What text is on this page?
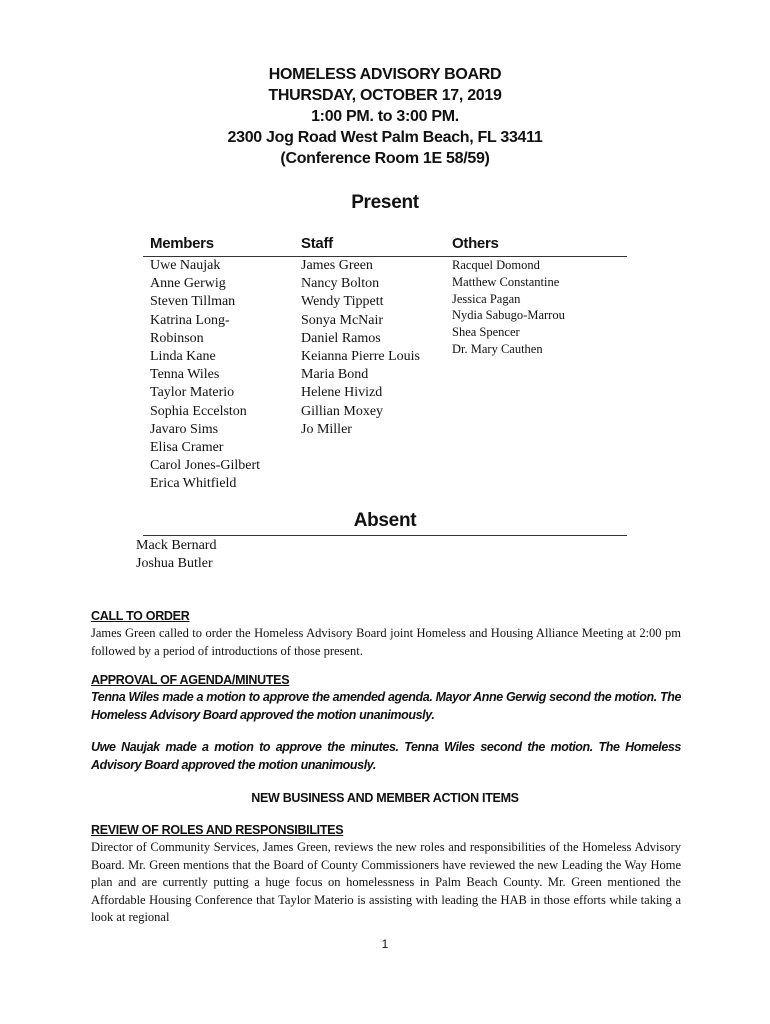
HOMELESS ADVISORY BOARD
THURSDAY, OCTOBER 17, 2019
1:00 PM. to 3:00 PM.
2300 Jog Road West Palm Beach, FL 33411
(Conference Room 1E 58/59)
Present
Members	Staff	Others
Uwe Naujak
Anne Gerwig
Steven Tillman
Katrina Long-
Robinson
Linda Kane
Tenna Wiles
Taylor Materio
Sophia Eccelston
Javaro Sims
Elisa Cramer
Carol Jones-Gilbert
Erica Whitfield
James Green
Nancy Bolton
Wendy Tippett
Sonya McNair
Daniel Ramos
Keianna Pierre Louis
Maria Bond
Helene Hivizd
Gillian Moxey
Jo Miller
Racquel Domond
Matthew Constantine
Jessica Pagan
Nydia Sabugo-Marrou
Shea Spencer
Dr. Mary Cauthen
Absent
Mack Bernard
Joshua Butler
CALL TO ORDER
James Green called to order the Homeless Advisory Board joint Homeless and Housing Alliance Meeting at 2:00 pm followed by a period of introductions of those present.
APPROVAL OF AGENDA/MINUTES
Tenna Wiles made a motion to approve the amended agenda. Mayor Anne Gerwig second the motion. The Homeless Advisory Board approved the motion unanimously.
Uwe Naujak made a motion to approve the minutes. Tenna Wiles second the motion. The Homeless Advisory Board approved the motion unanimously.
NEW BUSINESS AND MEMBER ACTION ITEMS
REVIEW OF ROLES AND RESPONSIBILITES
Director of Community Services, James Green, reviews the new roles and responsibilities of the Homeless Advisory Board. Mr. Green mentions that the Board of County Commissioners have reviewed the new Leading the Way Home plan and are currently putting a huge focus on homelessness in Palm Beach County. Mr. Green mentioned the Affordable Housing Conference that Taylor Materio is assisting with leading the HAB in those efforts while taking a look at regional
1
